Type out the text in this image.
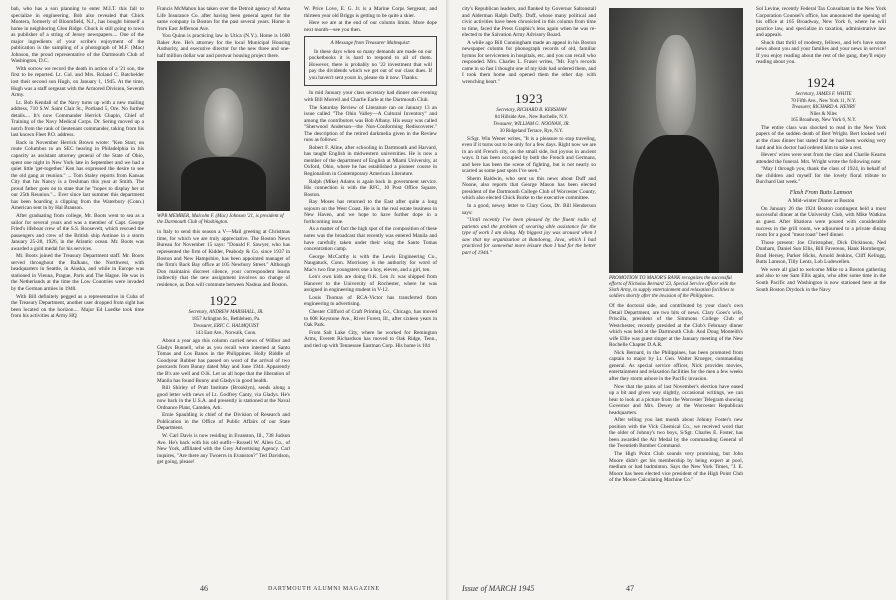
bah, who has a son planning to enter M.I.T. this fall to specialize in engineering. Bob also revealed that Chick Montera, formerly of Bloomfield, N.J., has bought himself a home in neighboring Glen Ridge. Chuck is still going to town as publisher of a string of Jersey newspapers.... One of the major ingredients of your scribe's enjoyment of the publication is the sampling of a photograph of M.F. (Mac) Johnson, the proud representative of the Dartmouth Club of Washington, D.C.

With sorrow we record the death in action of a '21 son, the first to be reported. Lt. Col. and Mrs. Roland C. Batchelder lost their second son Hugh, on January 1, 1945. At the time, Hugh was a staff sergeant with the Armored Division, Seventh Army.

Lt. Bob Kendall of the Navy turns up with a new mailing address, 710 S.W. Saint Clair St., Portland 5, Ore. No further details.... It's now Commander Herrick Chapin, Chief of Training of the Navy Medical Corps. Dr. Sering moved up a notch from the rank of lieutenant commander, taking from his last known Fleet P.O. address.

Back in November Herrick Brown wrote: "Ken Starr, on route Columbus to an SEC hearing in Philadelphia in his capacity as assistant attorney general of the State of Ohio, spent one night in New York late in September and we had a quiet little 'get-together.' Ken has expressed the desire to see the old gang at reunion." ... Tom Staley reports from Kansas City that his Nancy is a freshman this year at Smith. The proud father goes on to state that he "hopes to display her at our 25th Reunion."... Ever since last summer this department has been hoarding a clipping from the Waterbury (Conn.) American sent in by Hal Branson.

After graduating from college, Mr. Boots went to sea as a sailor for several years and was a member of Capt. George Fried's lifeboat crew of the S.S. Roosevelt, which rescued the passengers and crew of the British ship Antinoe in a storm January 25-28, 1926, in the Atlantic ocean. Mr. Boots was awarded a gold medal for his services.

Mr. Boots joined the Treasury Department staff. Mr. Boots served throughout the Balkans, the Northwest, with headquarters in Seattle, in Alaska, and while in Europe was stationed in Vienna, Prague, Paris and The Hague. He was in the Netherlands at the time the Low Countries were invaded by the German armies in 1940.

With Bill definitely pegged as a representative in Cuba of the Treasury Department, another user dropped from sight has been located on the horizon.... Major Ed Luedke took time from his activities at Army HQ

Francis McMahon has taken over the Detroit agency of Aetna Life Insurance Co. after having been general agent for the same company in Boston for the past several years. Home is from East Jefferson Ave.

You Quinn is practicing law in Utica (N.Y.). Home is 1600 Baker Ave. He's attorney for the local Municipal Housing Authority, and executive director for the new three and one-half million dollar war and postwar housing project there.

WPB MEMBER, Malcolm F. (Mac) Johnson '21, is president of the Dartmouth Club of Washington.

in Italy to send this season a V—Mail greeting at Christmas time, for which we are truly appreciative. The Boston News Bureau for November 15 says: "Donald F. Sawyer, who has represented the firm of Kidder, Peabody & Co. since 1937 in Boston and New Hampshire, has been appointed manager of the firm's Back Bay office at 105 Newbury Street." Although Don maintains discreet silence, your correspondent learns indirectly that the new assignment involves no change of residence, as Don will commute between Nashua and Boston.

1922

Secretary, ANDREW MARSHALL, JR.

1857 Arlington St., Bethlehem, Pa.

Treasurer, ERIC C. HALMQUIST

143 East Ave., Norwalk, Conn.

About a year ago this column carried news of Wilbur and Gladys Bunnell, who as you recall were interned at Santo Tomas and Los Banos in the Philippines. Holly Riddle of Goodyear Rubber has passed on word of the arrival of two postcards from Bunny dated May and June 1944. Apparently the B's are well and O.K. Let us all hope that the liberation of Manila has found Bunny and Gladys in good health.

Bill Shirley of Pratt Institute (Brooklyn), sends along a good letter with news of Lt. Godfrey Canty, via Gladys. He's now back in the U.S.A. and presently is stationed at the Naval Ordnance Plant, Camden, Ark.

Ernie Spaulding is chief of the Division of Research and Publication in the Office of Public Affairs of our State Department.

W. Carl Davis is now residing in Evanston, Ill., 738 Judson Ave. He's back with his old outfit—Russell W. Allen Co., of New York, affiliated with the Grey Advertising Agency. Carl inquires, "Are there any Twoerrs in Evanston?" Ted Davidson, get going, please!

W. Price Love, E. G. Jr. is a Marine Corps Sergeant, and thirteen year old Briggs is getting to be quite a skier.

Here we are at the end of our column limits. More dope next month—see you then.

A Message from Treasurer Malmquist:

In these days when so many demands are made on our pocketbooks it is hard to respond to all of them. However, there is probably no '22 investment that will pay the dividends which we get out of our class dues. If you haven't sent yours in, please do it now. Thanks.

In mid January your class secretary had dinner one evening with Bill Morrell and Charlie Earle at the Dartmouth Club.

The Saturday Review of Literature ran on January 13 an issue called "The Ohio Valley—A Cultural Inventory" and among the contributors was Bob Albany. His essay was called "Sherwood Anderson—the Non-Conforming Rediscoverer." The description of the retired darkmelia given in the Review runs as follows:

Robert F. Aline, after schooling in Dartmouth and Harvard, has taught English in midwestern universities. He is now a member of the department of English at Miami University, at Oxford, Ohio, where he has established a pioneer course in Regionalism in Contemporary American Literature.

Ralph (Mike) Adams is again back in government service. His connection is with the RFC, 10 Post Office Square, Boston.

Ray Moses has returned to the East after quite a long sojourn on the West Coast. He is in the real estate business in New Haven, and we hope to have further dope in a forthcoming issue.

As a matter of fact the high spot of the composition of these notes was the broadcast that recently was entered Manila and have carefully taken under their wing the Santo Tomas concentration camp.

George McCarthy is with the Lewis Engineering Co., Naugatuck, Conn. Morrissey is the authority for word of Mac's two fine youngsters one a boy, eleven, and a girl, ten.

Len's own kids are doing O.K. Len Jr. was shipped from Hanover to the University of Rochester, where he was assigned in engineering student in V-12.

Louis Thomas of RCA-Victor has transferred from engineering to advertising.

Chester Clifford of Craft Printing Co., Chicago, has moved to 608 Keystone Ave., River Forest, Ill., after sixteen years in Oak Park.

From Salt Lake City, where he worked for Remington Arms, Everett Richardson has moved to Oak Ridge, Tenn., and tied up with Tennessee Eastman Corp. His home is 104

city's Republican leaders, and flanked by Governor Saltonstall and Alderman Ralph Duffy. Duff, whose many political and civic activities have been chronicled in this column from time to time, faced the Press Graphic's lens again when he was re-elected to the Salvation Army Advisory Board.

A while ago Bill Cunningham made an appeal in his Boston newspaper column for phonograph records of old, familiar hymns for servicemen in hospitals, etc. and you can recall who responded. Mrs. Charles L. Fraser writes, "Mr. Fay's records came in so fast I thought one of my kids had ordered them, and I took them home and opened them the other day with wrenching heart."

1923

Secretary, RICHARD B. KERSHAW

84 Hillside Ave., New Rochelle, N.Y.

Treasurer, WILLIAM G. NOONAN, JR.

30 Ridgeland Terrace, Rye, N.Y.

S/Sgt. Win Wener writes, "It is a pleasure to stop traveling, even if it turns out to be only for a few days. Right now we are in an old French city, on the small side, but joyous in ancient ways. It has been occupied by both the French and Germans, and here has been the scene of fighting, but is not nearly so scarred as some past spots I've seen."

Sherm Baldwin, who sent us this news about Duff and Noone, also reports that George Mason has been elected president of the Dartmouth College Club of Worcester County, which also elected Chick Burke to the executive committee.

In a good, newsy letter to Clary Goss, Dr. Bill Henderson says:

"Until recently I've been pleased by the fluent radio of patients and the problem of securing able assistance for the type of work I am doing. My biggest joy was aroused when I saw that my organization at Bandoeng, Java, which I had practiced for somewhat more leisure than I had for the better part of 1944."

PROMOTION TO MAJOR'S RANK recognizes the successful efforts of Nicholas Bernard '23, Special Service officer with the Sixth Army, to supply entertainment and relaxation facilities to soldiers shortly after the invasion of the Philippines.

Of the doctoral side, and contributed by your class's own Detail Department, are two bits of news. Clary Goes's wife, Priscilla, president of the Simmons College Club of Westchester, recently presided at the Club's February dinner which was held at the Dartmouth Club. And Doug Monteith's wife Ellie was guest singer at the January meeting of the New Rochelle Chapter D.A.R.

Nick Bernard, in the Philippines, has been promoted from captain to major by Lt. Gen. Walter Krueger, commanding general. As special service officer, Nick provides movies, entertainment and relaxation facilities for the men a few weeks after they storm ashore in the Pacific invasion.

Now that the pains of last November's election have eased up a bit and given way slightly, occasional writings, we can hear to look at a picture from the Worcester Telegram showing Governor and Mrs. Dewey at the Worcester Republican headquarters.

After telling you last month about Johnny Foster's new position with the Vick Chemical Co., we received word that the older of Johnny's two boys, S/Sgt. Charles E. Foster, has been awarded the Air Medal by the commanding General of the Twentieth Bomber Command.

The High Point Club sounds very promising, but John Moore didn't get his membership by being expert at pool, medium or bad badminton. Says the New York Times, "J. E. Moore has been elected vice president of the High Point Club of the Moore Calculating Machine Co."

Sol Levine, recently Federal Tax Consultant in the New York Corporation Counsel's office, has announced the opening of his office at 165 Broadway, New York 6, where he will practice law, and specialize in taxation, administrative law and appeals.

Shuck that thrill of modesty, fellows, and let's have some news about you and your families and your news in service! If you enjoy reading about the rest of the gang, they'll enjoy reading about you.

1924

Secretary, JAMES F. WHITE

70 Fifth Ave., New York 11, N.Y.

Treasurer, RICHARD A. HENRY

Niles & Niles

165 Broadway, New York 6, N.Y.

The entire class was shocked to read in the New York papers of the sudden death of Bert Wright. Bert looked well at the class dinner but stated that he had been working very hard and his doctor had ordered him to take a rest.

Hevers' wires were sent from the class and Charlie Kearns attended the funeral. Mrs. Wright wrote the following note:

"May I through you, thank the class of 1924, in behalf of the children and myself for the lovely floral tribute to Burchard last week."

Flash From Butts Lamson

A Mid-winter Dinner at Boston

On January 26 the 1924 Boston contingent held a most successful dinner at the University Club, with Mike Watkins as guest. After libations were poured with considerable success in the grill room, we adjourned to a private dining room for a good "meat roast" beef dinner.

Those present: Joe Christopher, Dick Dickinson, Ned Dunham, Daniel Sun Ellis, Bill Favereau, Hank Hornberger, Brad Hersey, Parker Hicks, Arnold Jenkins, Cliff Kellogg, Butts Lamson, Tilly Lentz, Lob Ludewellen.

We were all glad to welcome Mike to a Boston gathering and also to see Sam Ellis again, who after some time in the South Pacific and Washington is now stationed here at the South Boston Drydock in the Navy

46	DARTMOUTH ALUMNI MAGAZINE	Issue of MARCH 1945	47
